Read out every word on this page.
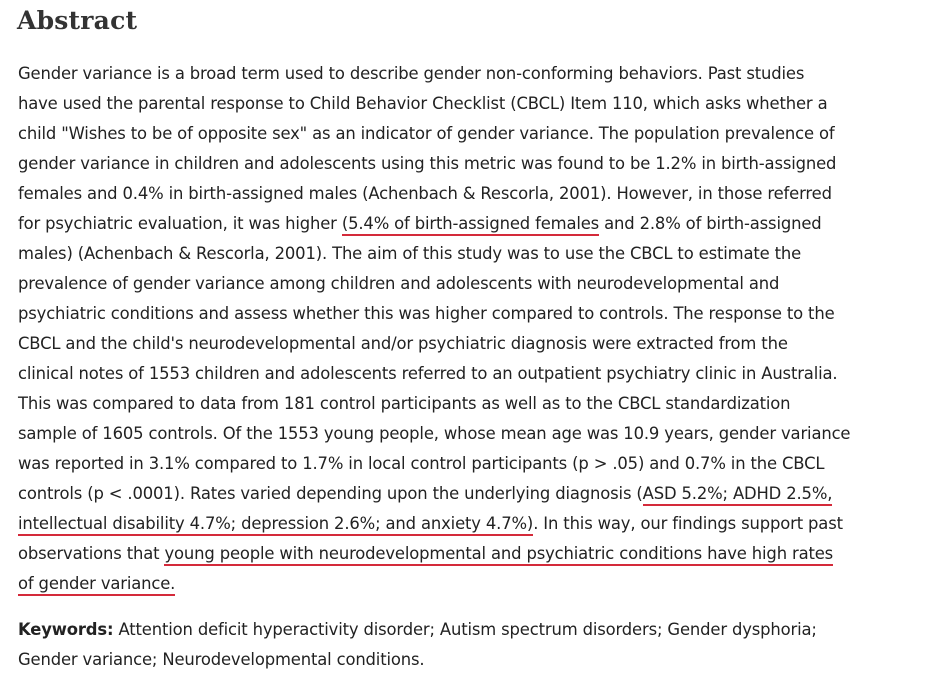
Abstract
Gender variance is a broad term used to describe gender non-conforming behaviors. Past studies
have used the parental response to Child Behavior Checklist (CBCL) Item 110, which asks whether a
child "Wishes to be of opposite sex" as an indicator of gender variance. The population prevalence of
gender variance in children and adolescents using this metric was found to be 1.2% in birth-assigned
females and 0.4% in birth-assigned males (Achenbach & Rescorla, 2001). However, in those referred
for psychiatric evaluation, it was higher (5.4% of birth-assigned females and 2.8% of birth-assigned
males) (Achenbach & Rescorla, 2001). The aim of this study was to use the CBCL to estimate the
prevalence of gender variance among children and adolescents with neurodevelopmental and
psychiatric conditions and assess whether this was higher compared to controls. The response to the
CBCL and the child's neurodevelopmental and/or psychiatric diagnosis were extracted from the
clinical notes of 1553 children and adolescents referred to an outpatient psychiatry clinic in Australia.
This was compared to data from 181 control participants as well as to the CBCL standardization
sample of 1605 controls. Of the 1553 young people, whose mean age was 10.9 years, gender variance
was reported in 3.1% compared to 1.7% in local control participants (p > .05) and 0.7% in the CBCL
controls (p < .0001). Rates varied depending upon the underlying diagnosis (ASD 5.2%; ADHD 2.5%,
intellectual disability 4.7%; depression 2.6%; and anxiety 4.7%). In this way, our findings support past
observations that young people with neurodevelopmental and psychiatric conditions have high rates
of gender variance.
Keywords: Attention deficit hyperactivity disorder; Autism spectrum disorders; Gender dysphoria;
Gender variance; Neurodevelopmental conditions.
